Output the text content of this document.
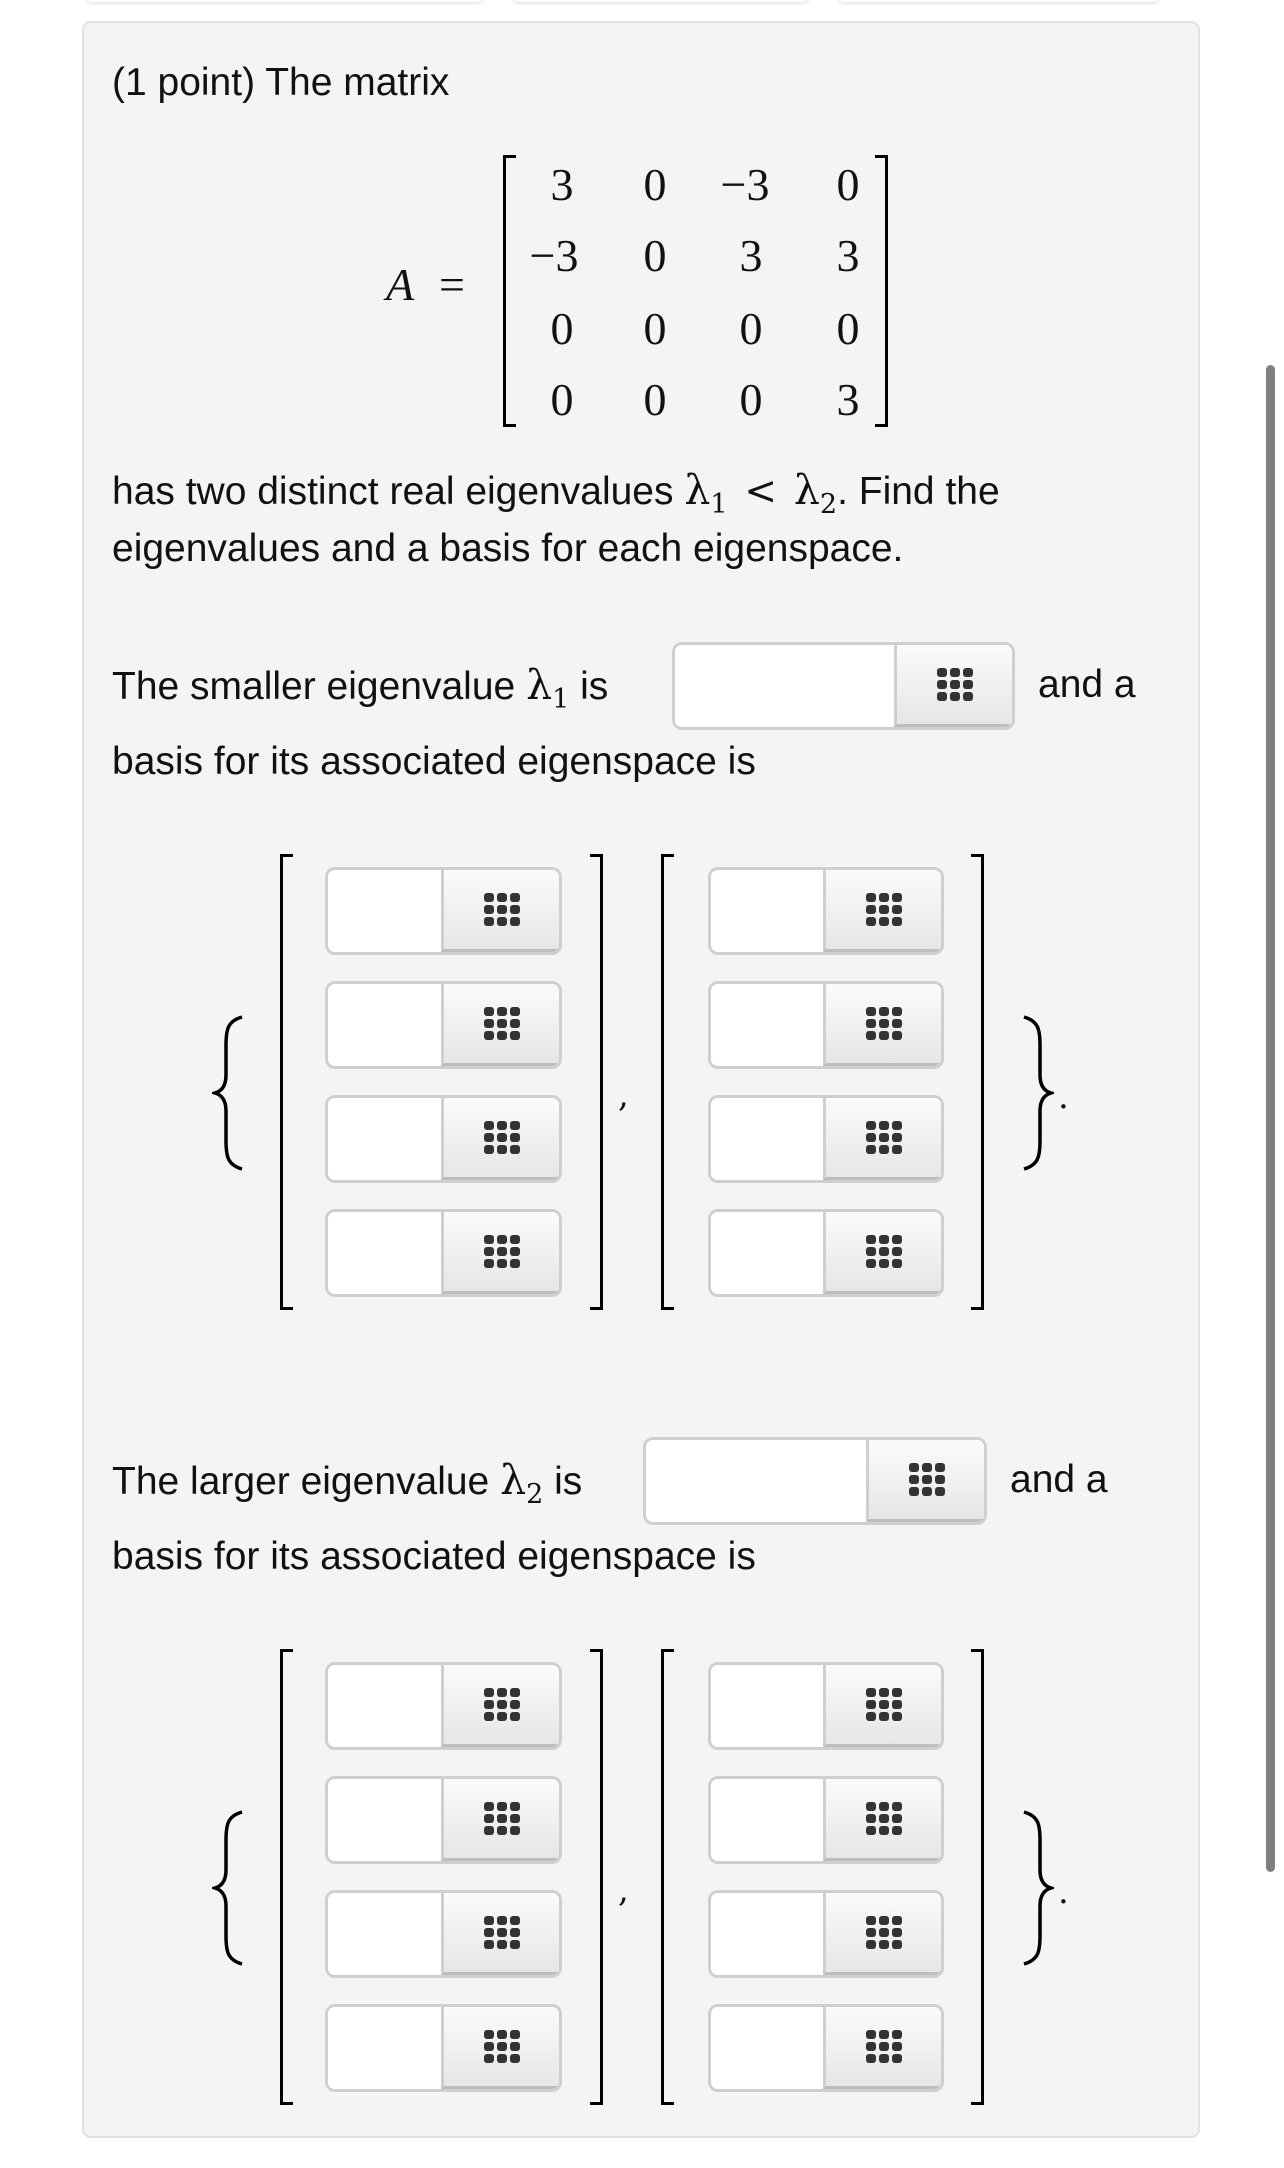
(1 point) The matrix
A =
3 0 −3 0
−3 0 3 3
0 0 0 0
0 0 0 3
has two distinct real eigenvalues $\lambda_1 < \lambda_2$. Find the
eigenvalues and a basis for each eigenspace.
The smaller eigenvalue $\lambda_1$ is	and a
basis for its associated eigenspace is
,	.
The larger eigenvalue $\lambda_2$ is	and a
basis for its associated eigenspace is
,	.
